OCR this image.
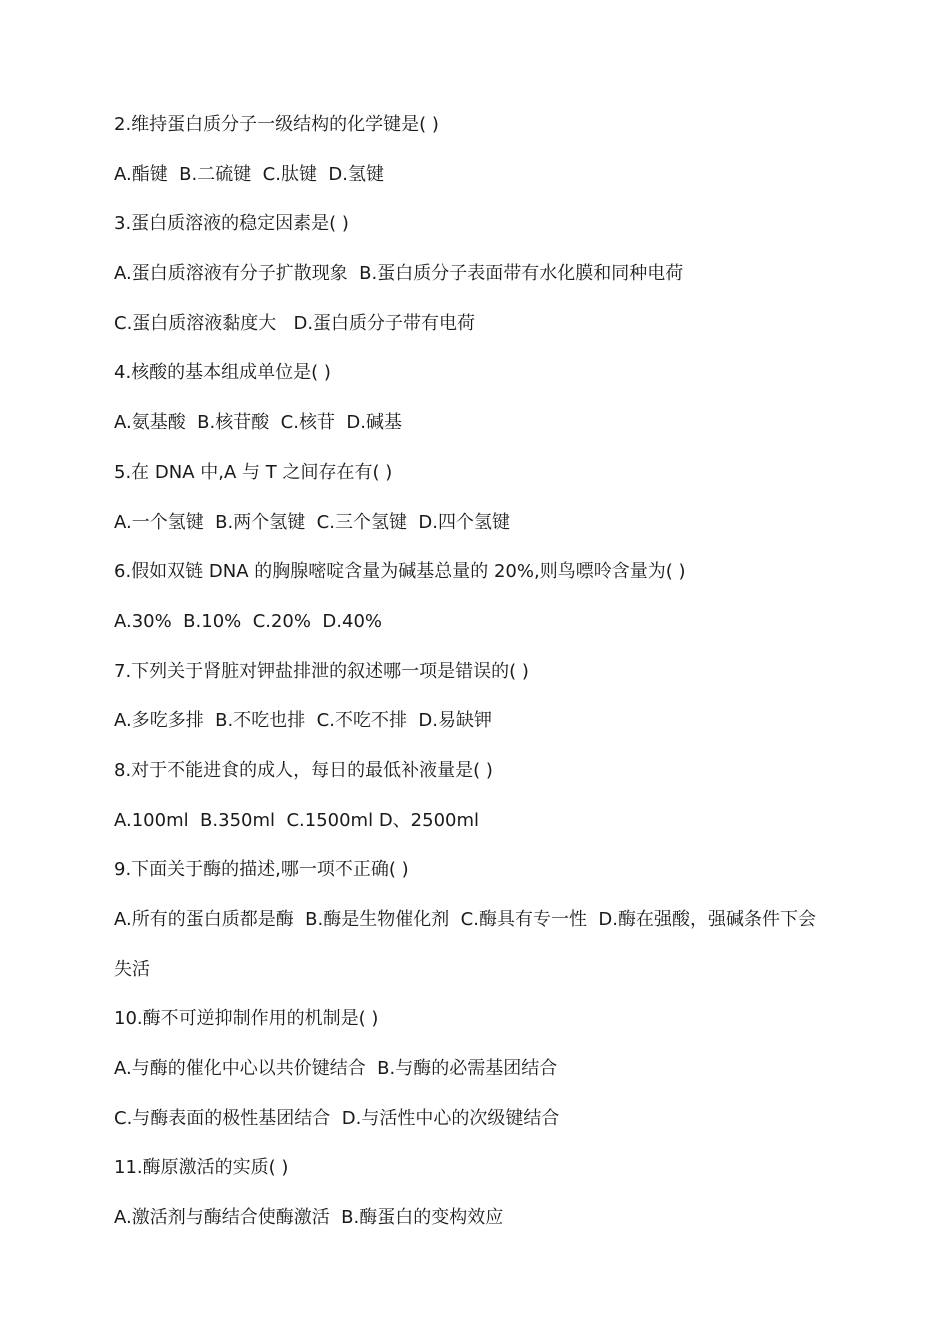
2.维持蛋白质分子一级结构的化学键是( )
A.酯键  B.二硫键  C.肽键  D.氢键
3.蛋白质溶液的稳定因素是( )
A.蛋白质溶液有分子扩散现象  B.蛋白质分子表面带有水化膜和同种电荷
C.蛋白质溶液黏度大   D.蛋白质分子带有电荷
4.核酸的基本组成单位是( )
A.氨基酸  B.核苷酸  C.核苷  D.碱基
5.在 DNA 中,A 与 T 之间存在有( )
A.一个氢键  B.两个氢键  C.三个氢键  D.四个氢键
6.假如双链 DNA 的胸腺嘧啶含量为碱基总量的 20%,则鸟嘌呤含量为( )
A.30%  B.10%  C.20%  D.40%
7.下列关于肾脏对钾盐排泄的叙述哪一项是错误的( )
A.多吃多排  B.不吃也排  C.不吃不排  D.易缺钾
8.对于不能进食的成人，每日的最低补液量是( )
A.100ml  B.350ml  C.1500ml D、2500ml
9.下面关于酶的描述,哪一项不正确( )
A.所有的蛋白质都是酶  B.酶是生物催化剂  C.酶具有专一性  D.酶在强酸，强碱条件下会
失活
10.酶不可逆抑制作用的机制是( )
A.与酶的催化中心以共价键结合  B.与酶的必需基团结合
C.与酶表面的极性基团结合  D.与活性中心的次级键结合
11.酶原激活的实质( )
A.激活剂与酶结合使酶激活  B.酶蛋白的变构效应
